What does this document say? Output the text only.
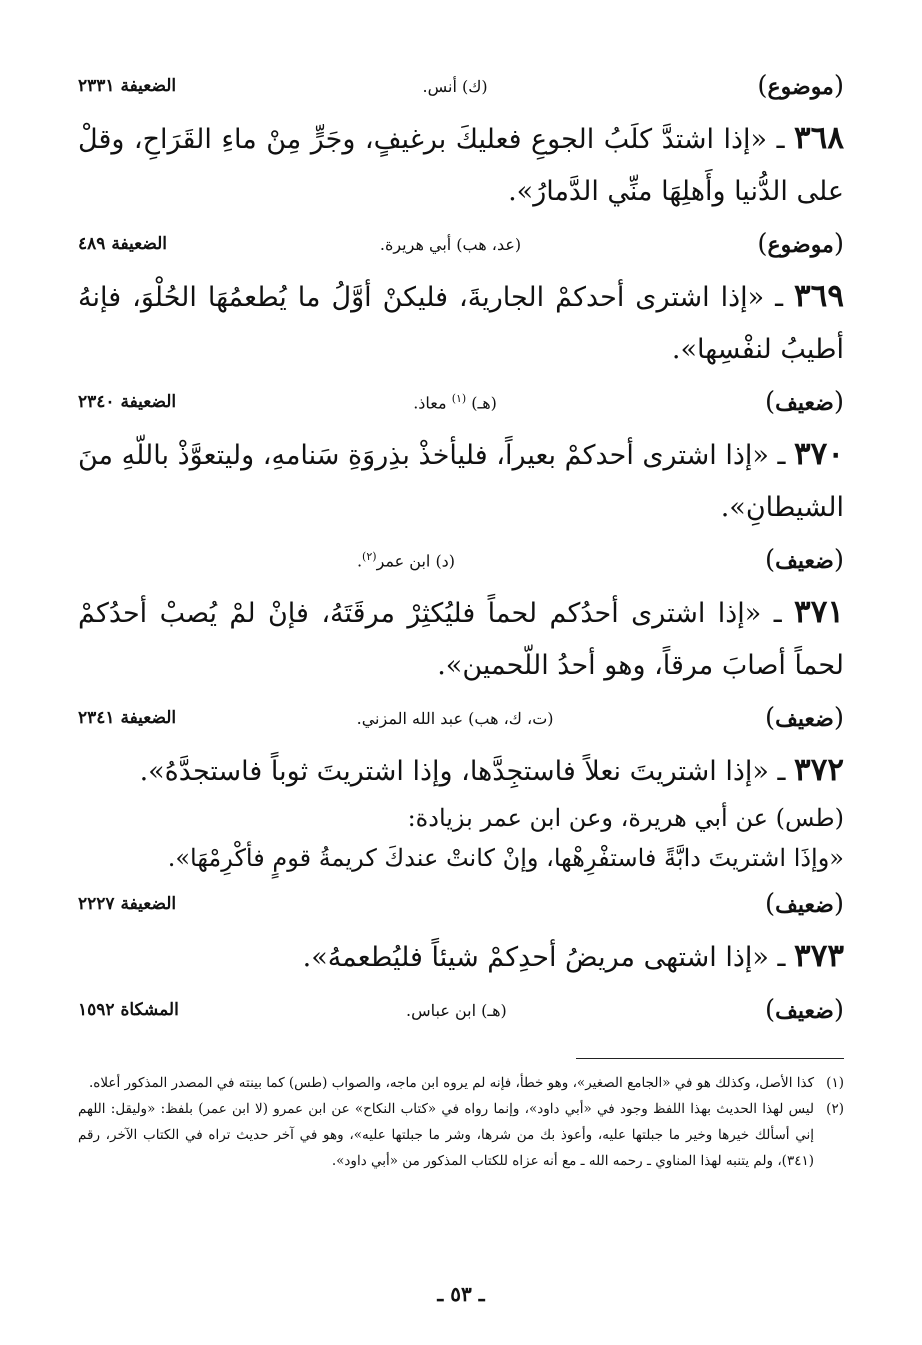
(موضوع)
(ك) أنس.
الضعيفة ٢٣٣١
٣٦٨ ـ «إذا اشتدَّ كلَبُ الجوعِ فعليكَ برغيفٍ، وجَرٍّ مِنْ ماءِ القَرَاحِ، وقلْ على الدُّنيا وأَهلِهَا منِّي الدَّمارُ».
(موضوع)
(عد، هب) أبي هريرة.
الضعيفة ٤٨٩
٣٦٩ ـ «إذا اشترى أحدكمْ الجاريةَ، فليكنْ أوَّلُ ما يُطعمُهَا الحُلْوَ، فإنهُ أطيبُ لنفْسِها».
(ضعيف)
(هـ) $^{(١)}$ معاذ.
الضعيفة ٢٣٤٠
٣٧٠ ـ «إذا اشترى أحدكمْ بعيراً، فليأخذْ بذِروَةِ سَنامهِ، وليتعوَّذْ باللّهِ منَ الشيطانِ».
(ضعيف)
(د) ابن عمر$^{(٢)}$.
٣٧١ ـ «إذا اشترى أحدُكم لحماً فليُكثِرْ مرقَتَهُ، فإنْ لمْ يُصبْ أحدُكمْ لحماً أصابَ مرقاً، وهو أحدُ اللّحمين».
(ضعيف)
(ت، ك، هب) عبد الله المزني.
الضعيفة ٢٣٤١
٣٧٢ ـ «إذا اشتريتَ نعلاً فاستجِدَّها، وإذا اشتريتَ ثوباً فاستجدَّهُ».
(طس) عن أبي هريرة، وعن ابن عمر بزيادة:
«وإذَا اشتريتَ دابَّةً فاستفْرِهْها، وإنْ كانتْ عندكَ كريمةُ قومٍ فأكْرِمْهَا».
(ضعيف)
الضعيفة ٢٢٢٧
٣٧٣ ـ «إذا اشتهى مريضُ أحدِكمْ شيئاً فليُطعمهُ».
(ضعيف)
(هـ) ابن عباس.
المشكاة ١٥٩٢
(١)
كذا الأصل، وكذلك هو في «الجامع الصغير»، وهو خطأ، فإنه لم يروه ابن ماجه، والصواب (طس) كما بينته في المصدر المذكور أعلاه.
(٢)
ليس لهذا الحديث بهذا اللفظ وجود في «أبي داود»، وإنما رواه في «كتاب النكاح» عن ابن عمرو (لا ابن عمر) بلفظ: «وليقل: اللهم إني أسألك خيرها وخير ما جبلتها عليه، وأعوذ بك من شرها، وشر ما جبلتها عليه»، وهو في آخر حديث تراه في الكتاب الآخر، رقم (٣٤١)، ولم يتنبه لهذا المناوي ـ رحمه الله ـ مع أنه عزاه للكتاب المذكور من «أبي داود».
ـ ٥٣ ـ
